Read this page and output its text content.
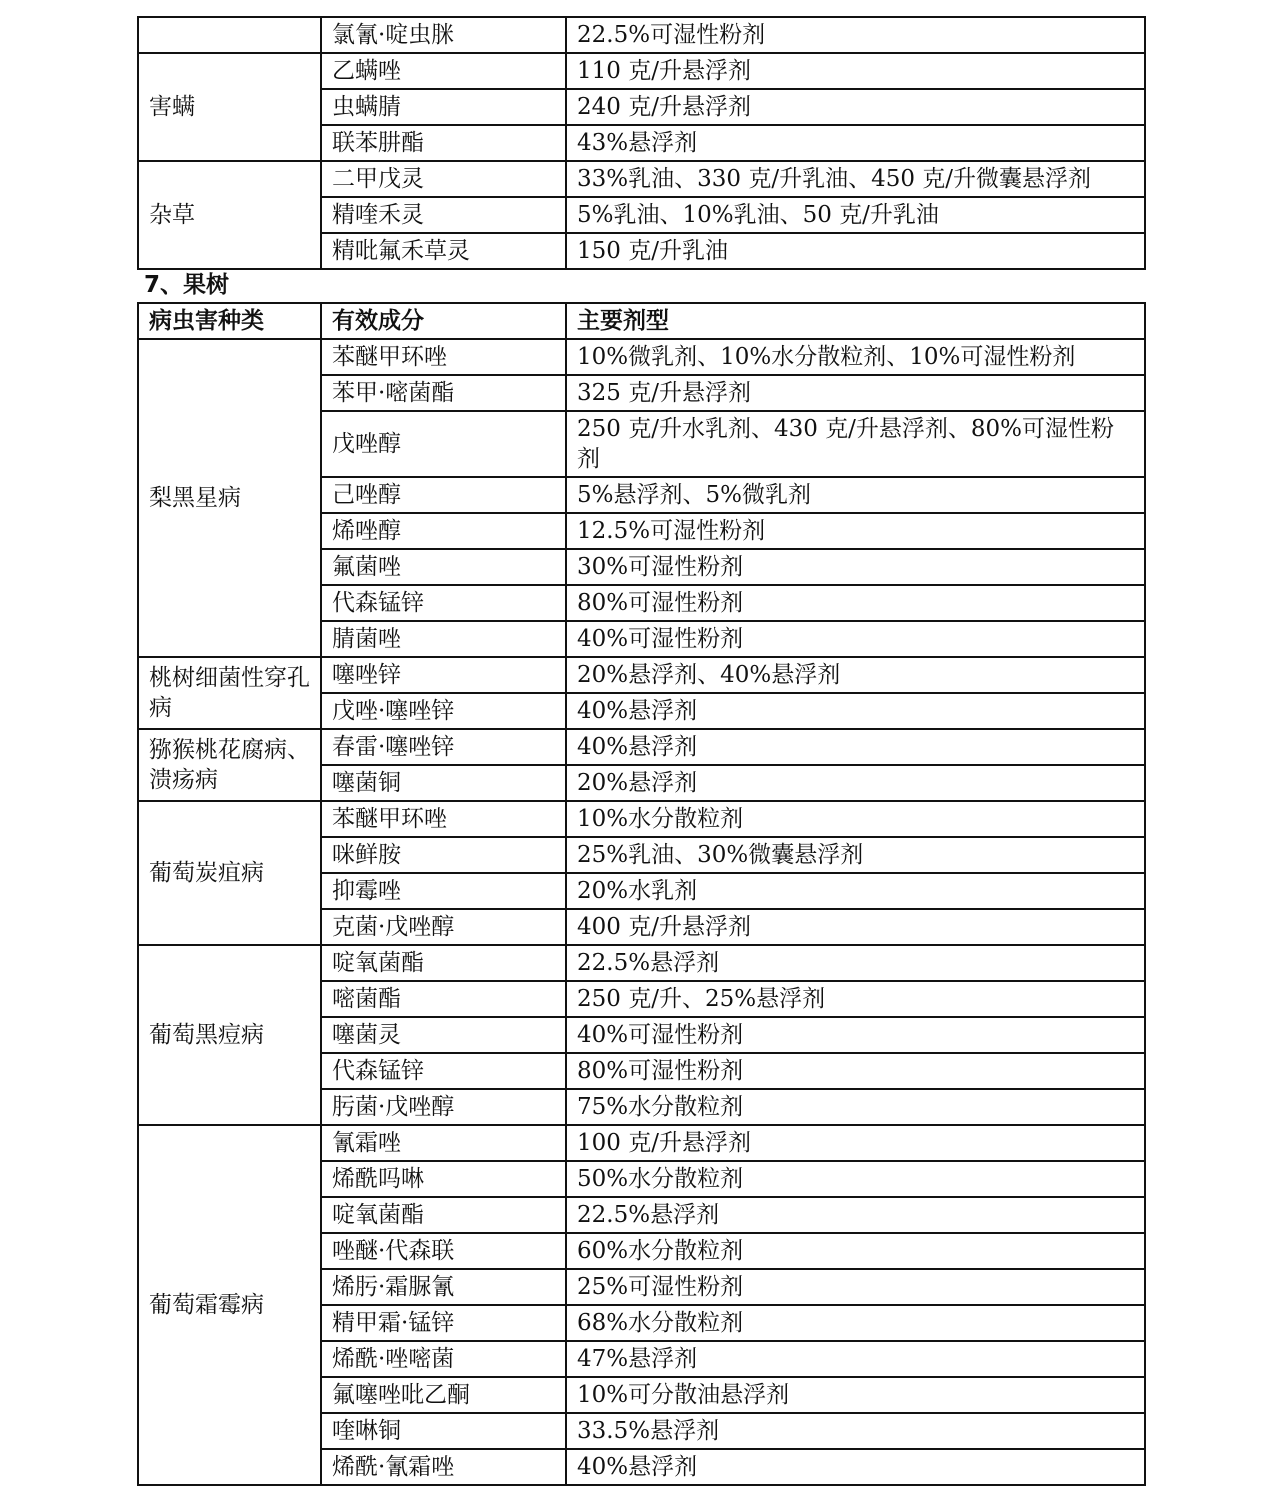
	氯氰·啶虫脒	22.5%可湿性粉剂
害螨	乙螨唑	110 克/升悬浮剂
	虫螨腈	240 克/升悬浮剂
	联苯肼酯	43%悬浮剂
杂草	二甲戊灵	33%乳油、330 克/升乳油、450 克/升微囊悬浮剂
	精喹禾灵	5%乳油、10%乳油、50 克/升乳油
	精吡氟禾草灵	150 克/升乳油
7、果树
病虫害种类	有效成分	主要剂型
梨黑星病	苯醚甲环唑	10%微乳剂、10%水分散粒剂、10%可湿性粉剂
	苯甲·嘧菌酯	325 克/升悬浮剂
	戊唑醇	250 克/升水乳剂、430 克/升悬浮剂、80%可湿性粉剂
	己唑醇	5%悬浮剂、5%微乳剂
	烯唑醇	12.5%可湿性粉剂
	氟菌唑	30%可湿性粉剂
	代森锰锌	80%可湿性粉剂
	腈菌唑	40%可湿性粉剂
桃树细菌性穿孔病	噻唑锌	20%悬浮剂、40%悬浮剂
	戊唑·噻唑锌	40%悬浮剂
猕猴桃花腐病、溃疡病	春雷·噻唑锌	40%悬浮剂
	噻菌铜	20%悬浮剂
葡萄炭疽病	苯醚甲环唑	10%水分散粒剂
	咪鲜胺	25%乳油、30%微囊悬浮剂
	抑霉唑	20%水乳剂
	克菌·戊唑醇	400 克/升悬浮剂
葡萄黑痘病	啶氧菌酯	22.5%悬浮剂
	嘧菌酯	250 克/升、25%悬浮剂
	噻菌灵	40%可湿性粉剂
	代森锰锌	80%可湿性粉剂
	肟菌·戊唑醇	75%水分散粒剂
葡萄霜霉病	氰霜唑	100 克/升悬浮剂
	烯酰吗啉	50%水分散粒剂
	啶氧菌酯	22.5%悬浮剂
	唑醚·代森联	60%水分散粒剂
	烯肟·霜脲氰	25%可湿性粉剂
	精甲霜·锰锌	68%水分散粒剂
	烯酰·唑嘧菌	47%悬浮剂
	氟噻唑吡乙酮	10%可分散油悬浮剂
	喹啉铜	33.5%悬浮剂
	烯酰·氰霜唑	40%悬浮剂
